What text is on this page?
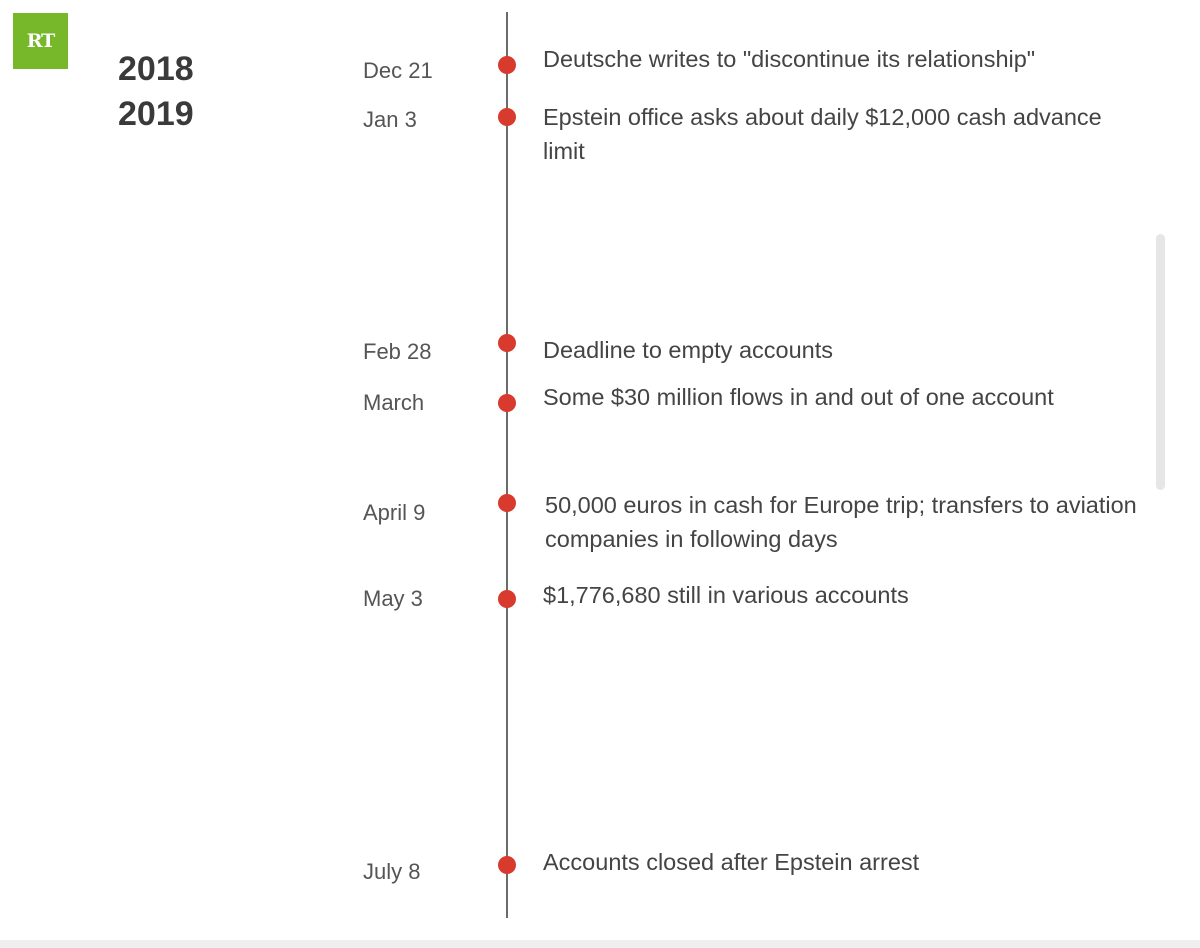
RT
2018
2019
Dec 21	Deutsche writes to "discontinue its relationship"
Jan 3	Epstein office asks about daily $12,000 cash advance limit
Feb 28	Deadline to empty accounts
March	Some $30 million flows in and out of one account
April 9	50,000 euros in cash for Europe trip; transfers to aviation companies in following days
May 3	$1,776,680 still in various accounts
July 8	Accounts closed after Epstein arrest
